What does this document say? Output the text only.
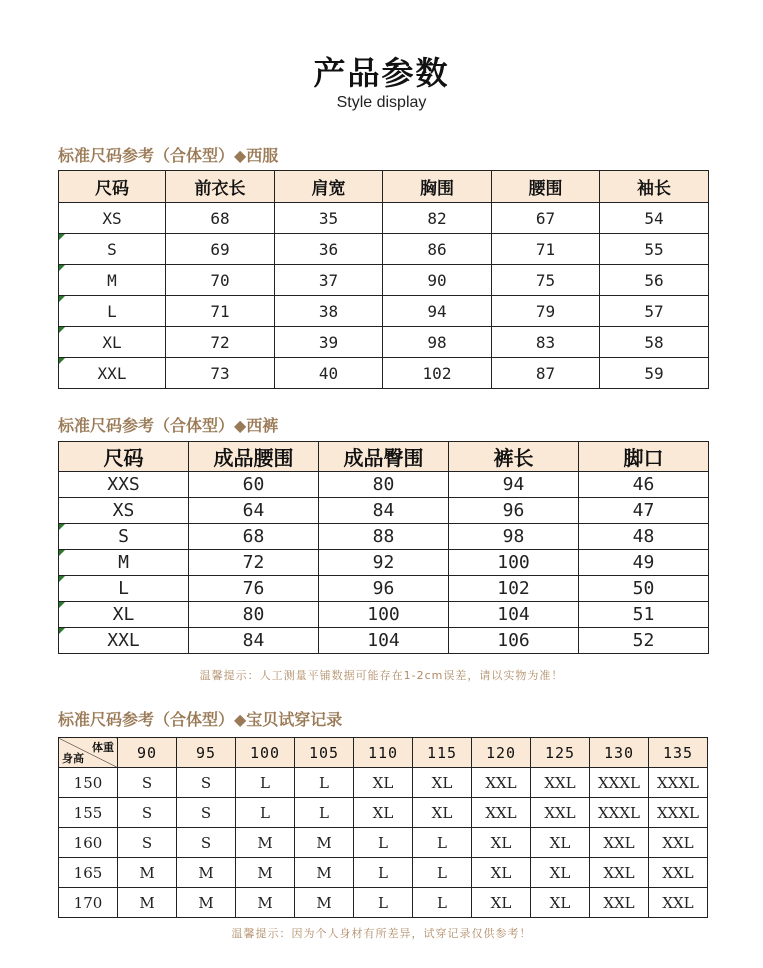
产品参数
Style display
标准尺码参考（合体型）◆西服
尺码	前衣长	肩宽	胸围	腰围	袖长
XS	68	35	82	67	54
S	69	36	86	71	55
M	70	37	90	75	56
L	71	38	94	79	57
XL	72	39	98	83	58
XXL	73	40	102	87	59
标准尺码参考（合体型）◆西裤
尺码	成品腰围	成品臀围	裤长	脚口
XXS	60	80	94	46
XS	64	84	96	47
S	68	88	98	48
M	72	92	100	49
L	76	96	102	50
XL	80	100	104	51
XXL	84	104	106	52
温馨提示：人工测量平铺数据可能存在1-2cm误差，请以实物为准！
标准尺码参考（合体型）◆宝贝试穿记录
体重
身高	90	95	100	105	110	115	120	125	130	135
150	S	S	L	L	XL	XL	XXL	XXL	XXXL	XXXL
155	S	S	L	L	XL	XL	XXL	XXL	XXXL	XXXL
160	S	S	M	M	L	L	XL	XL	XXL	XXL
165	M	M	M	M	L	L	XL	XL	XXL	XXL
170	M	M	M	M	L	L	XL	XL	XXL	XXL
温馨提示：因为个人身材有所差异，试穿记录仅供参考！
